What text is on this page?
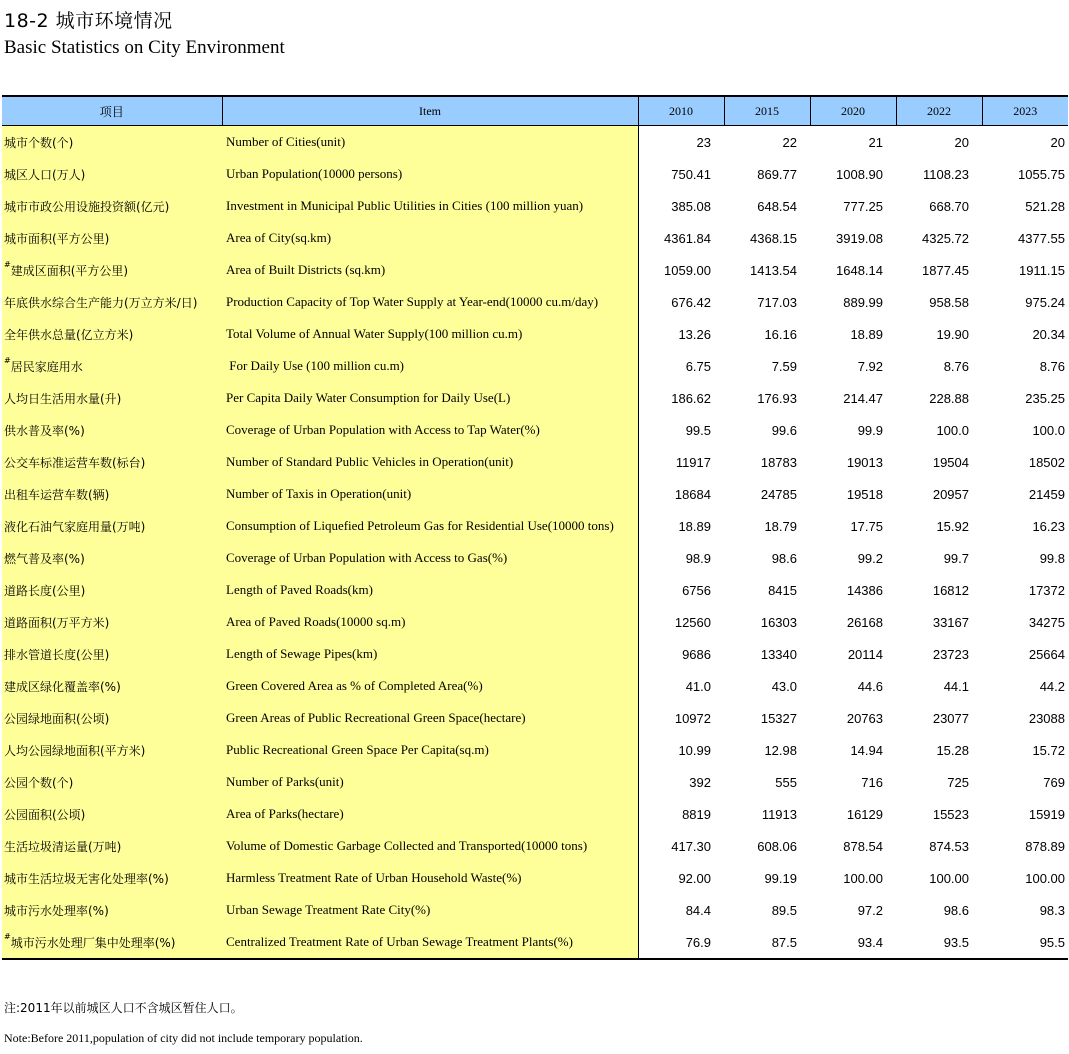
18-2 城市环境情况
Basic Statistics on City Environment
项目	Item	2010	2015	2020	2022	2023
城市个数(个)	Number of Cities(unit)	23	22	21	20	20
城区人口(万人)	Urban Population(10000 persons)	750.41	869.77	1008.90	1108.23	1055.75
城市市政公用设施投资额(亿元)	Investment in Municipal Public Utilities in Cities (100 million yuan)	385.08	648.54	777.25	668.70	521.28
城市面积(平方公里)	Area of City(sq.km)	4361.84	4368.15	3919.08	4325.72	4377.55
#建成区面积(平方公里)	Area of Built Districts (sq.km)	1059.00	1413.54	1648.14	1877.45	1911.15
年底供水综合生产能力(万立方米/日)	Production Capacity of Top Water Supply at Year-end(10000 cu.m/day)	676.42	717.03	889.99	958.58	975.24
全年供水总量(亿立方米)	Total Volume of Annual Water Supply(100 million cu.m)	13.26	16.16	18.89	19.90	20.34
#居民家庭用水	For Daily Use (100 million cu.m)	6.75	7.59	7.92	8.76	8.76
人均日生活用水量(升)	Per Capita Daily Water Consumption for Daily Use(L)	186.62	176.93	214.47	228.88	235.25
供水普及率(%)	Coverage of Urban Population with Access to Tap Water(%)	99.5	99.6	99.9	100.0	100.0
公交车标准运营车数(标台)	Number of Standard Public Vehicles in Operation(unit)	11917	18783	19013	19504	18502
出租车运营车数(辆)	Number of Taxis in Operation(unit)	18684	24785	19518	20957	21459
液化石油气家庭用量(万吨)	Consumption of Liquefied Petroleum Gas for Residential Use(10000 tons)	18.89	18.79	17.75	15.92	16.23
燃气普及率(%)	Coverage of Urban Population with Access to Gas(%)	98.9	98.6	99.2	99.7	99.8
道路长度(公里)	Length of Paved Roads(km)	6756	8415	14386	16812	17372
道路面积(万平方米)	Area of Paved Roads(10000 sq.m)	12560	16303	26168	33167	34275
排水管道长度(公里)	Length of Sewage Pipes(km)	9686	13340	20114	23723	25664
建成区绿化覆盖率(%)	Green Covered Area as % of Completed Area(%)	41.0	43.0	44.6	44.1	44.2
公园绿地面积(公顷)	Green Areas of Public Recreational Green Space(hectare)	10972	15327	20763	23077	23088
人均公园绿地面积(平方米)	Public Recreational Green Space Per Capita(sq.m)	10.99	12.98	14.94	15.28	15.72
公园个数(个)	Number of Parks(unit)	392	555	716	725	769
公园面积(公顷)	Area of Parks(hectare)	8819	11913	16129	15523	15919
生活垃圾清运量(万吨)	Volume of Domestic Garbage Collected and Transported(10000 tons)	417.30	608.06	878.54	874.53	878.89
城市生活垃圾无害化处理率(%)	Harmless Treatment Rate of Urban Household Waste(%)	92.00	99.19	100.00	100.00	100.00
城市污水处理率(%)	Urban Sewage Treatment Rate City(%)	84.4	89.5	97.2	98.6	98.3
#城市污水处理厂集中处理率(%)	Centralized Treatment Rate of Urban Sewage Treatment Plants(%)	76.9	87.5	93.4	93.5	95.5
注:2011年以前城区人口不含城区暂住人口。
Note:Before 2011,population of city did not include temporary population.
